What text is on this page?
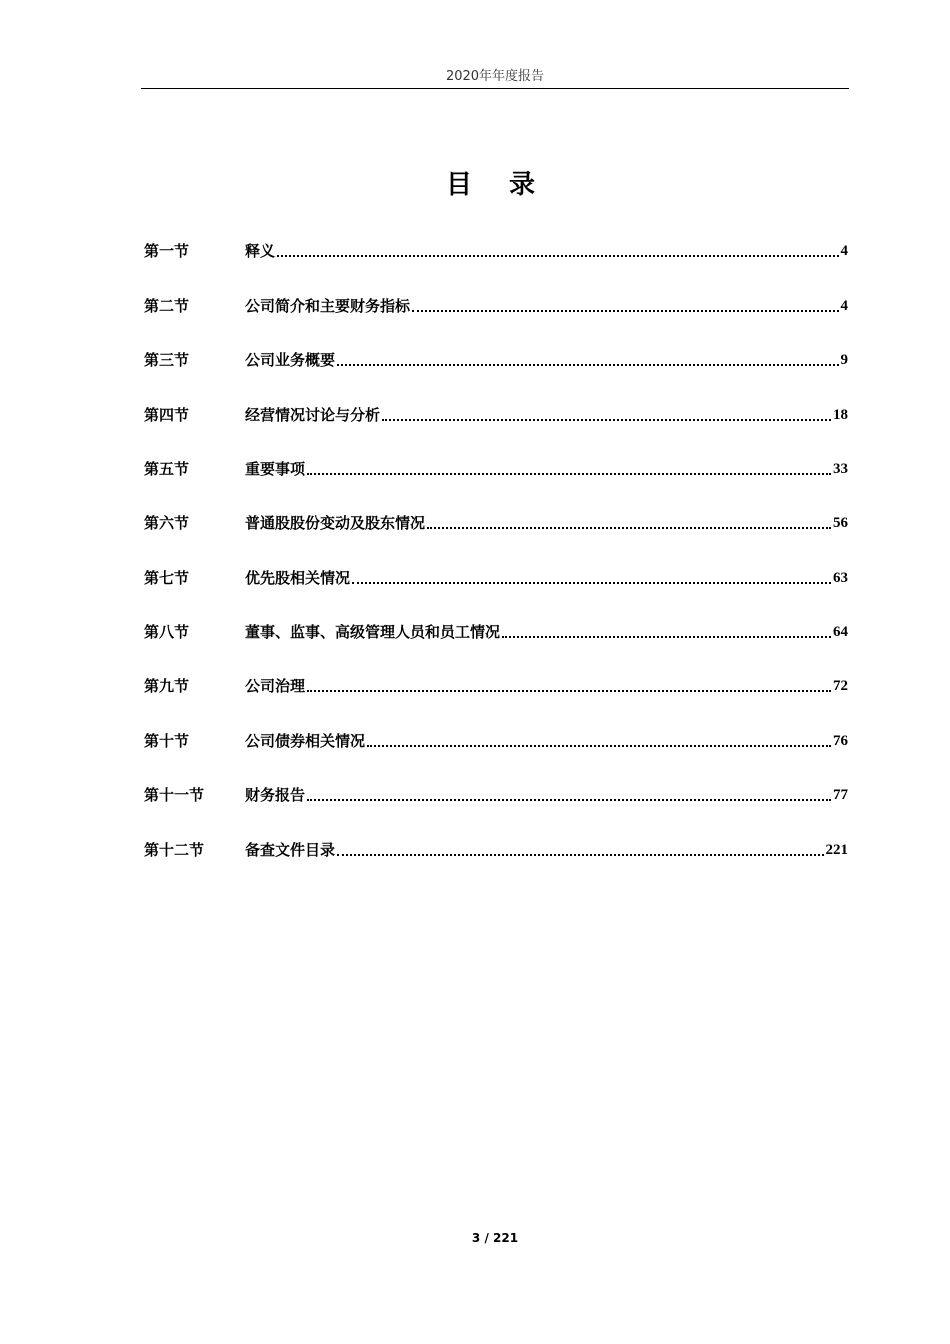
2020年年度报告
目 录
第一节	释义	4
第二节	公司简介和主要财务指标	4
第三节	公司业务概要	9
第四节	经营情况讨论与分析	18
第五节	重要事项	33
第六节	普通股股份变动及股东情况	56
第七节	优先股相关情况	63
第八节	董事、监事、高级管理人员和员工情况	64
第九节	公司治理	72
第十节	公司债券相关情况	76
第十一节	财务报告	77
第十二节	备查文件目录	221
3 / 221
